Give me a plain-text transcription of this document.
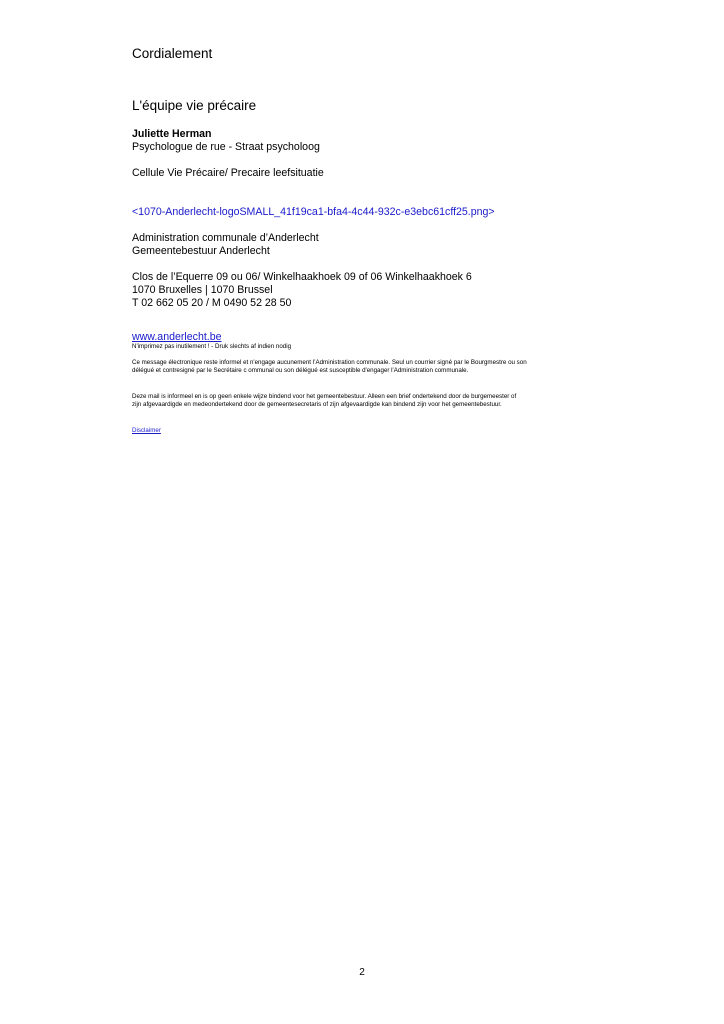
Cordialement
L'équipe vie précaire
Juliette Herman
Psychologue de rue - Straat psycholoog
Cellule Vie Précaire/ Precaire leefsituatie
<1070-Anderlecht-logoSMALL_41f19ca1-bfa4-4c44-932c-e3ebc61cff25.png>
Administration communale d’Anderlecht
Gemeentebestuur Anderlecht
Clos de l’Equerre 09 ou 06/ Winkelhaakhoek 09 of 06 Winkelhaakhoek 6
1070 Bruxelles | 1070 Brussel
T 02 662 05 20 / M 0490 52 28 50
www.anderlecht.be
N'imprimez pas inutilement ! - Druk slechts af indien nodig
Ce message électronique reste informel et n'engage aucunement l’Administration communale. Seul un courrier signé par le Bourgmestre ou son délégué et contresigné par le Secrétaire c ommunal ou son délégué est susceptible d'engager l'Administration communale.
Deze mail is informeel en is op geen enkele wijze bindend voor het gemeentebestuur. Alleen een brief ondertekend door de burgemeester of zijn afgevaardigde en medeondertekend door de gemeentesecretaris of zijn afgevaardigde kan bindend zijn voor het gemeentebestuur.
Disclaimer
2
